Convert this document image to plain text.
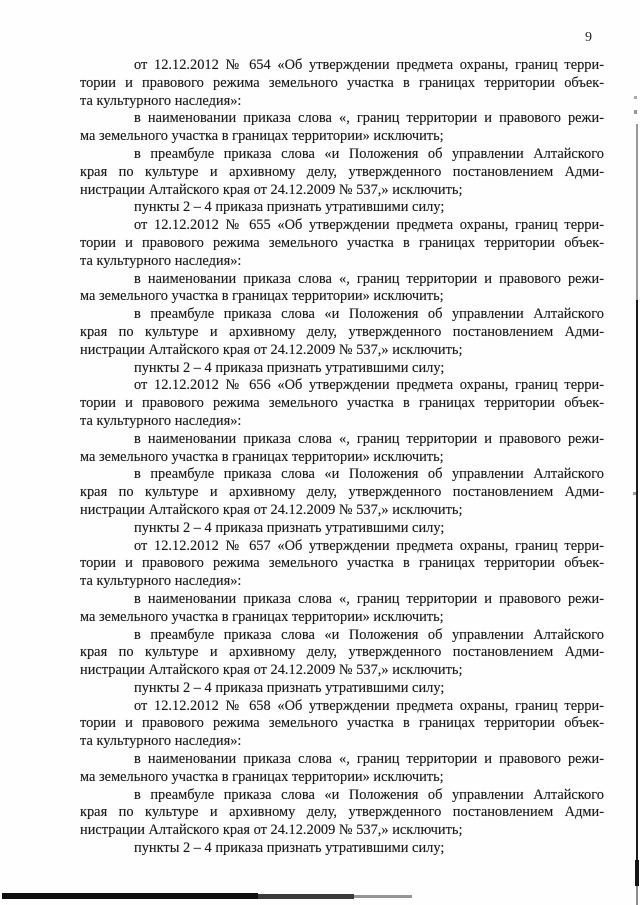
9
от 12.12.2012 № 654 «Об утверждении предмета охраны, границ терри-
тории и правового режима земельного участка в границах территории объек-
та культурного наследия»:
в наименовании приказа слова «, границ территории и правового режи-
ма земельного участка в границах территории» исключить;
в преамбуле приказа слова «и Положения об управлении Алтайского
края по культуре и архивному делу, утвержденного постановлением Адми-
нистрации Алтайского края от 24.12.2009 № 537,» исключить;
пункты 2 – 4 приказа признать утратившими силу;
от 12.12.2012 № 655 «Об утверждении предмета охраны, границ терри-
тории и правового режима земельного участка в границах территории объек-
та культурного наследия»:
в наименовании приказа слова «, границ территории и правового режи-
ма земельного участка в границах территории» исключить;
в преамбуле приказа слова «и Положения об управлении Алтайского
края по культуре и архивному делу, утвержденного постановлением Адми-
нистрации Алтайского края от 24.12.2009 № 537,» исключить;
пункты 2 – 4 приказа признать утратившими силу;
от 12.12.2012 № 656 «Об утверждении предмета охраны, границ терри-
тории и правового режима земельного участка в границах территории объек-
та культурного наследия»:
в наименовании приказа слова «, границ территории и правового режи-
ма земельного участка в границах территории» исключить;
в преамбуле приказа слова «и Положения об управлении Алтайского
края по культуре и архивному делу, утвержденного постановлением Адми-
нистрации Алтайского края от 24.12.2009 № 537,» исключить;
пункты 2 – 4 приказа признать утратившими силу;
от 12.12.2012 № 657 «Об утверждении предмета охраны, границ терри-
тории и правового режима земельного участка в границах территории объек-
та культурного наследия»:
в наименовании приказа слова «, границ территории и правового режи-
ма земельного участка в границах территории» исключить;
в преамбуле приказа слова «и Положения об управлении Алтайского
края по культуре и архивному делу, утвержденного постановлением Адми-
нистрации Алтайского края от 24.12.2009 № 537,» исключить;
пункты 2 – 4 приказа признать утратившими силу;
от 12.12.2012 № 658 «Об утверждении предмета охраны, границ терри-
тории и правового режима земельного участка в границах территории объек-
та культурного наследия»:
в наименовании приказа слова «, границ территории и правового режи-
ма земельного участка в границах территории» исключить;
в преамбуле приказа слова «и Положения об управлении Алтайского
края по культуре и архивному делу, утвержденного постановлением Адми-
нистрации Алтайского края от 24.12.2009 № 537,» исключить;
пункты 2 – 4 приказа признать утратившими силу;
